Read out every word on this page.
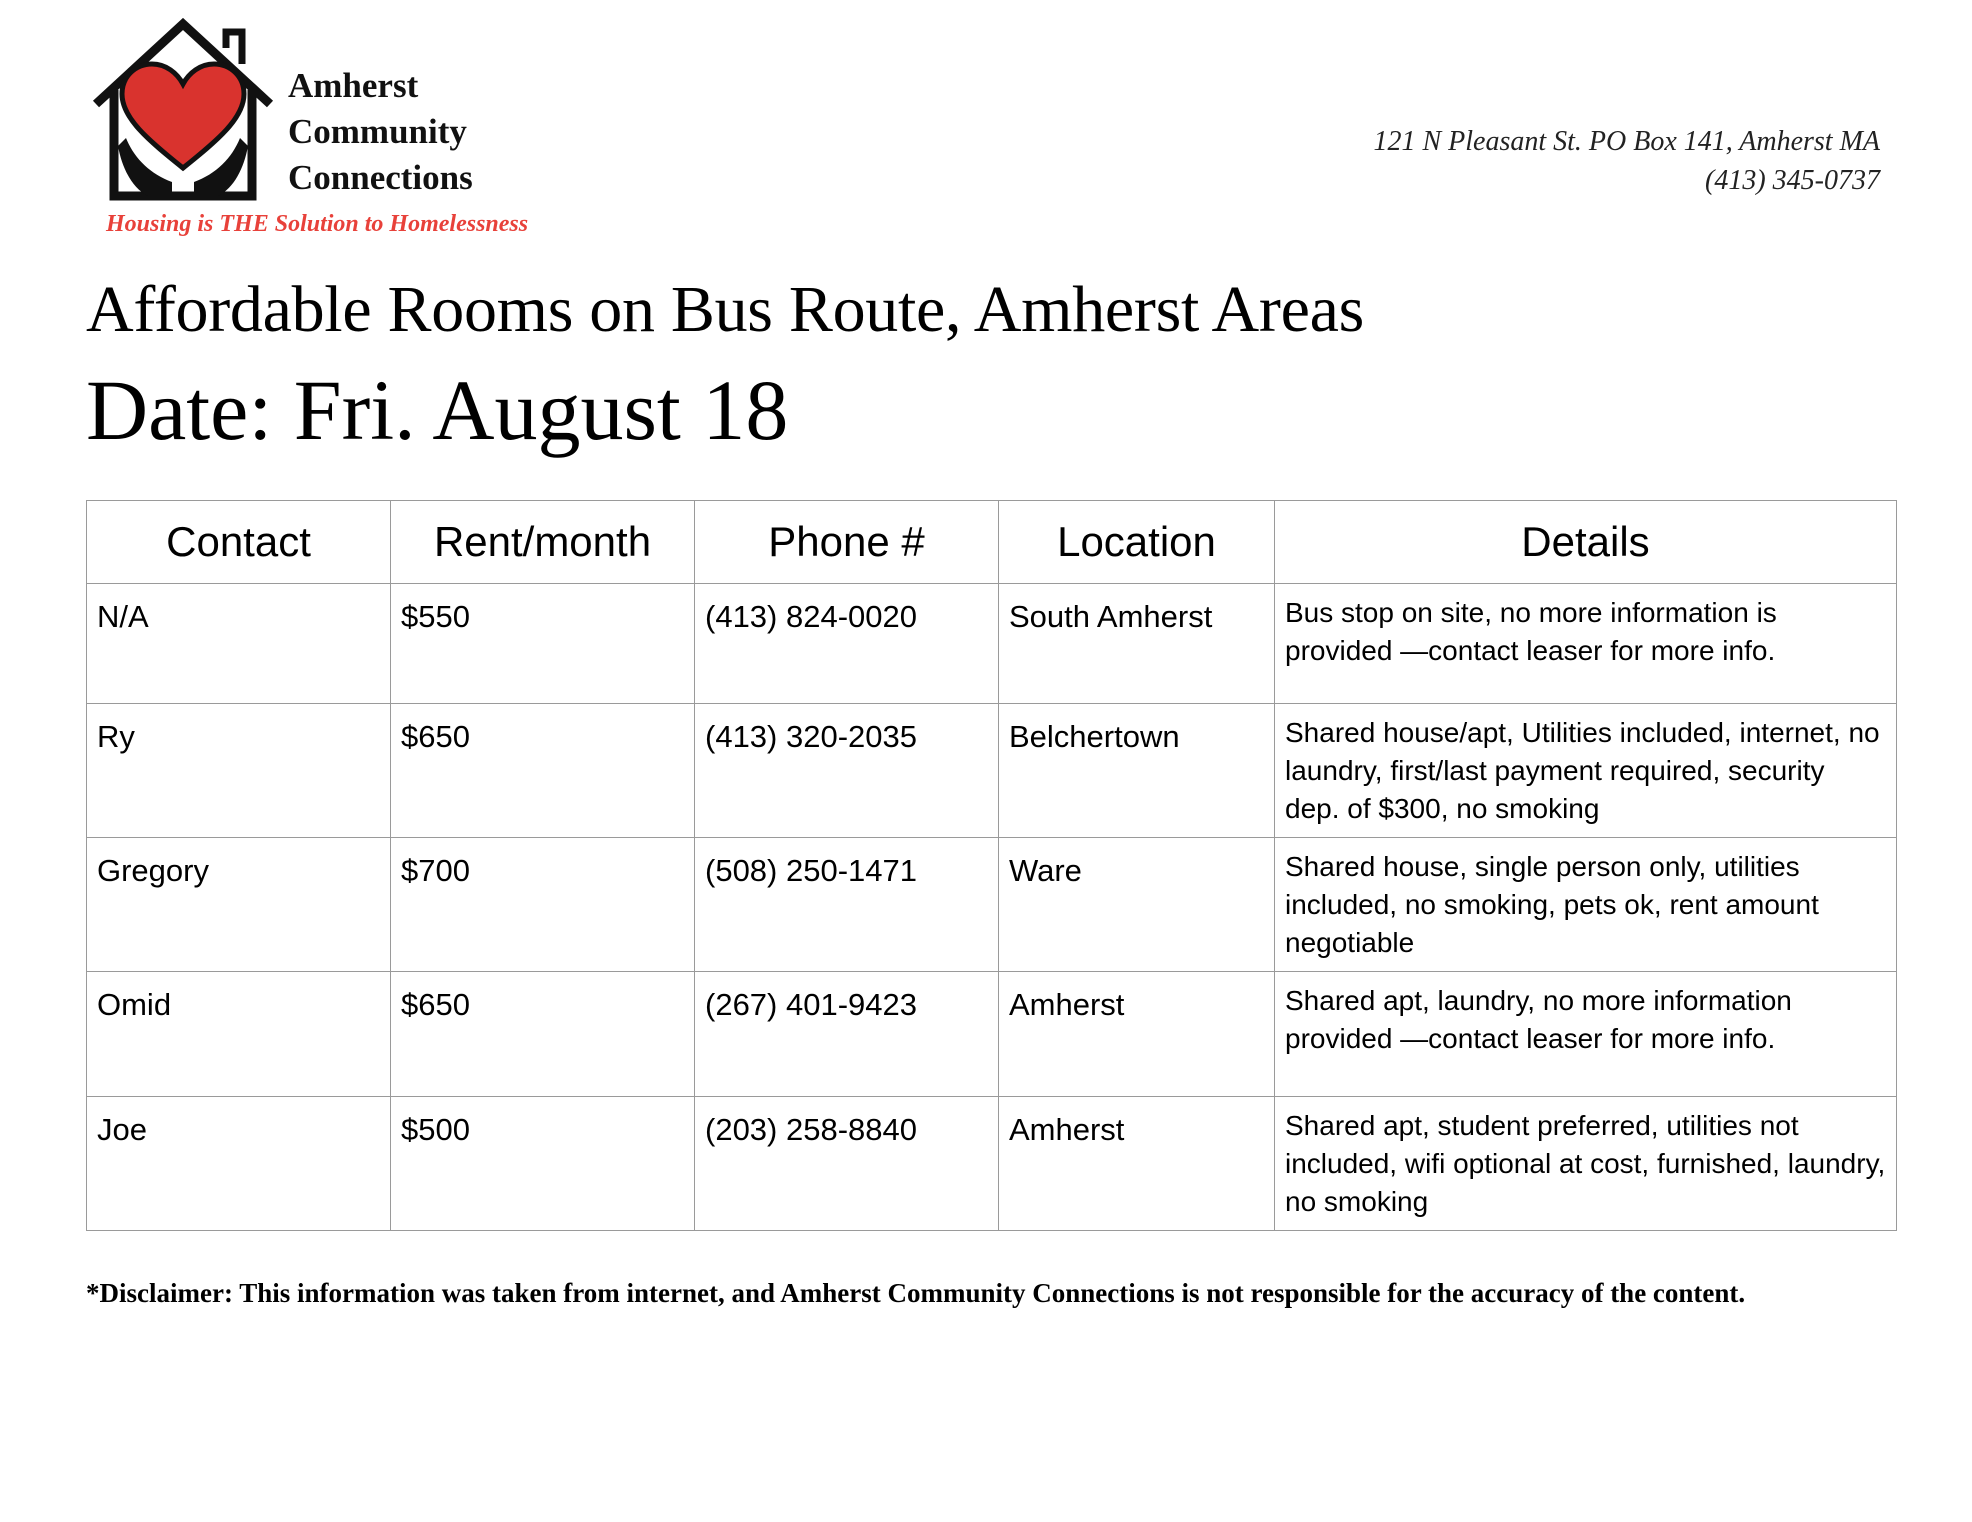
Amherst
Community
Connections
Housing is THE Solution to Homelessness
121 N Pleasant St. PO Box 141, Amherst MA
(413) 345-0737
Affordable Rooms on Bus Route, Amherst Areas
Date: Fri. August 18
Contact	Rent/month	Phone #	Location	Details
N/A	$550	(413) 824-0020	South Amherst	Bus stop on site, no more information is provided —contact leaser for more info.
Ry	$650	(413) 320-2035	Belchertown	Shared house/apt, Utilities included, internet, no laundry, first/last payment required, security dep. of $300, no smoking
Gregory	$700	(508) 250-1471	Ware	Shared house, single person only, utilities included, no smoking, pets ok, rent amount negotiable
Omid	$650	(267) 401-9423	Amherst	Shared apt, laundry, no more information provided —contact leaser for more info.
Joe	$500	(203) 258-8840	Amherst	Shared apt, student preferred, utilities not included, wifi optional at cost, furnished, laundry, no smoking
*Disclaimer: This information was taken from internet, and Amherst Community Connections is not responsible for the accuracy of the content.
